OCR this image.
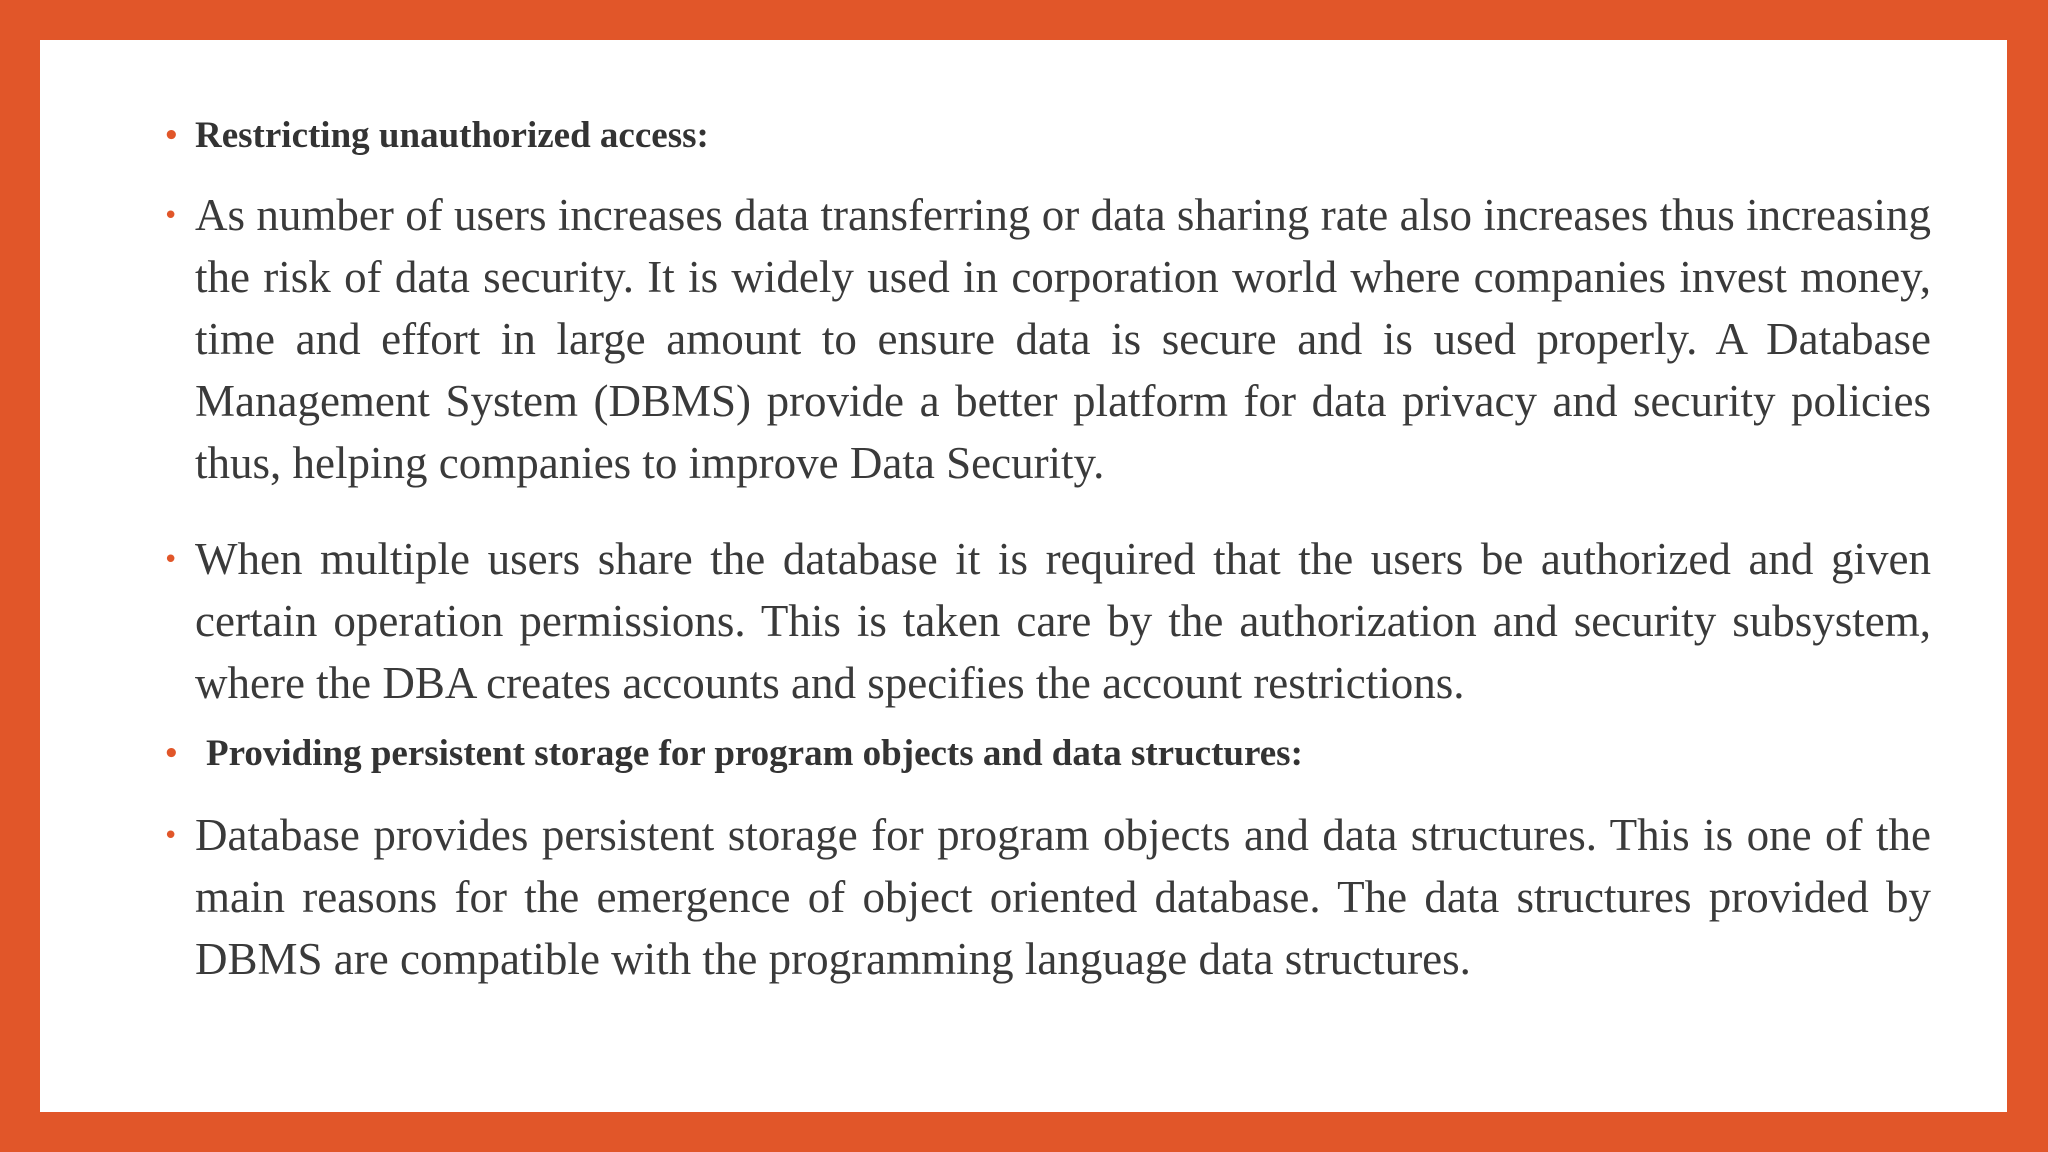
• Restricting unauthorized access:
• As number of users increases data transferring or data sharing rate also increases thus increasing the risk of data security. It is widely used in corporation world where companies invest money, time and effort in large amount to ensure data is secure and is used properly. A Database Management System (DBMS) provide a better platform for data privacy and security policies thus, helping companies to improve Data Security.
• When multiple users share the database it is required that the users be authorized and given certain operation permissions. This is taken care by the authorization and security subsystem, where the DBA creates accounts and specifies the account restrictions.
• Providing persistent storage for program objects and data structures:
• Database provides persistent storage for program objects and data structures. This is one of the main reasons for the emergence of object oriented database. The data structures provided by DBMS are compatible with the programming language data structures.
